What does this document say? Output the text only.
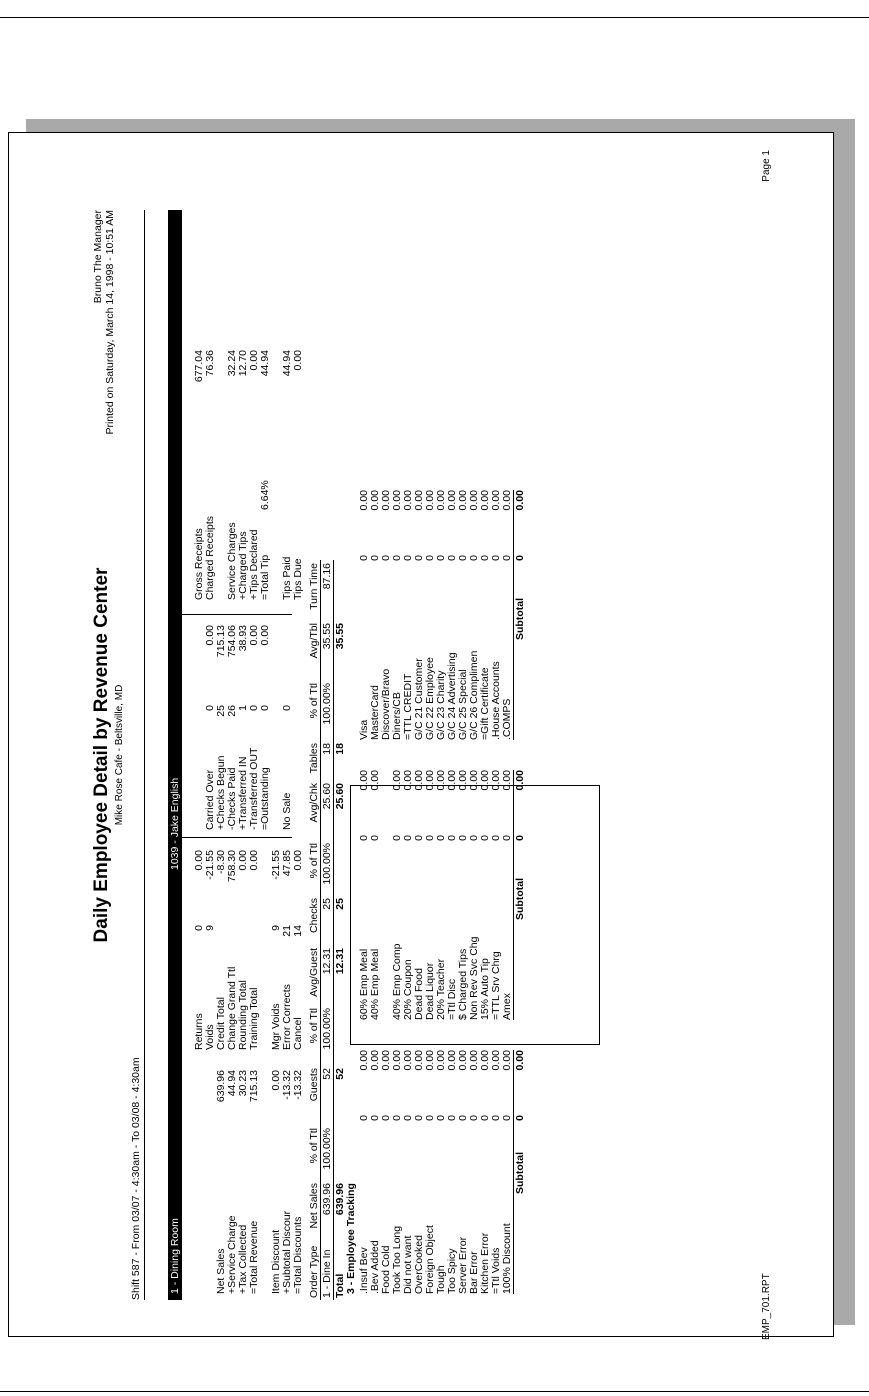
EMP_701.RPT
Page 1
Daily Employee Detail by Revenue Center Mike Rose Cafe - Beltsville, MD
Bruno The Manager Printed on Saturday, March 14, 1998 - 10:51 AM
Shift 587 - From 03/07 - 4:30am - To 03/08 - 4:30am	1 - Dining Room
1039 - Jake English
Net Sales
639.96
+Service Charge
44.94
+Tax Collected
30.23
=Total Revenue
715.13
Item Discount
0.00
+Subtotal Discour
-13.32
=Total Discounts
-13.32
Returns
0
0.00
Voids
9
-21.55
Credit Total
-8.30
Change Grand Ttl
758.30
Rounding Total
0.00
Training Total
0.00
Mgr Voids
9
-21.55
Error Corrects
21
47.85
Cancel
14
0.00
Carried Over
0
0.00
+Checks Begun
25
715.13
-Checks Paid
26
754.06
+Transferred IN
1
38.93
-Transferred OUT
0
0.00
=Outstanding
0
0.00
No Sale
0
Gross Receipts
677.04
Charged Receipts
76.36
Service Charges
32.24
+Charged Tips
12.70
+Tips Declared
0.00
=Total Tip
6.64%
44.94
Tips Paid
44.94
Tips Due
0.00
Order Type
Net Sales
% of Ttl
Guests
% of Ttl
Avg/Guest
Checks
% of Ttl
Avg/Chk
Tables
% of Ttl
Avg/Tbl
Turn Time
1 - Dine In
639.96
100.00%
52
100.00%
12.31
25
100.00%
25.60
18
100.00%
35.55
87.16
Total
639.96
52
12.31
25
25.60
18
35.55
3 - Employee Tracking .Insuf Bev
0
0.00
.Bev Added
0
0.00
Food Cold
0
0.00
Took Too Long
0
0.00
Did not want
0
0.00
OverCooked
0
0.00
Foreign Object
0
0.00
Tough
0
0.00
Too Spicy
0
0.00
Server Error
0
0.00
Bar Error
0
0.00
Kitchen Error
0
0.00
=Ttl Voids
0
0.00
100% Discount
0
0.00
Subtotal
0
0.00
60% Emp Meal
0
0.00
40% Emp Meal
0
0.00
40% Emp Comp
0
0.00
20% Coupon
0
0.00
Dead Food
0
0.00
Dead Liquor
0
0.00
20% Teacher
0
0.00
=Ttl Disc
0
0.00
$ Charged Tips
0
0.00
Non Rev Svc Chg
0
0.00
15% Auto Tip
0
0.00
=TTL Srv Chrg
0
0.00
Amex
0
0.00
Subtotal
0
0.00
Visa
0
0.00
MasterCard
0
0.00
Discover/Bravo
0
0.00
Diners/CB
0
0.00
=TTL CREDIT
0
0.00
G/C 21 Customer
0
0.00
G/C 22 Employee
0
0.00
G/C 23 Charity
0
0.00
G/C 24 Advertising
0
0.00
G/C 25 Special
0
0.00
G/C 26 Complimen
0
0.00
=Gift Certificate
0
0.00
.House Accounts
0
0.00
.COMPS
0
0.00
Subtotal
0
0.00
